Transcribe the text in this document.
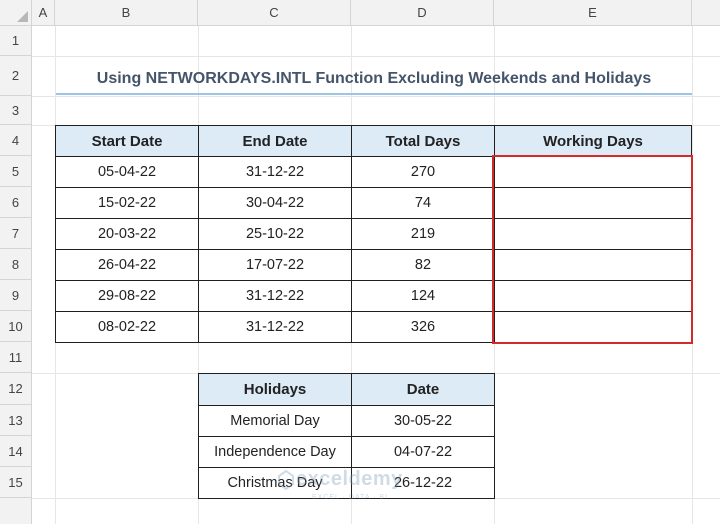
A	B	C	D	E
1
2
3
4
5
6
7
8
9
10
11
12
13
14
15
Using NETWORKDAYS.INTL Function Excluding Weekends and Holidays
Start Date	End Date	Total Days	Working Days
05-04-22	31-12-22	270
15-02-22	30-04-22	74
20-03-22	25-10-22	219
26-04-22	17-07-22	82
29-08-22	31-12-22	124
08-02-22	31-12-22	326
Holidays	Date
Memorial Day	30-05-22
Independence Day	04-07-22
Christmas Day	26-12-22
exceldemy
EXCEL · DATA · BI
